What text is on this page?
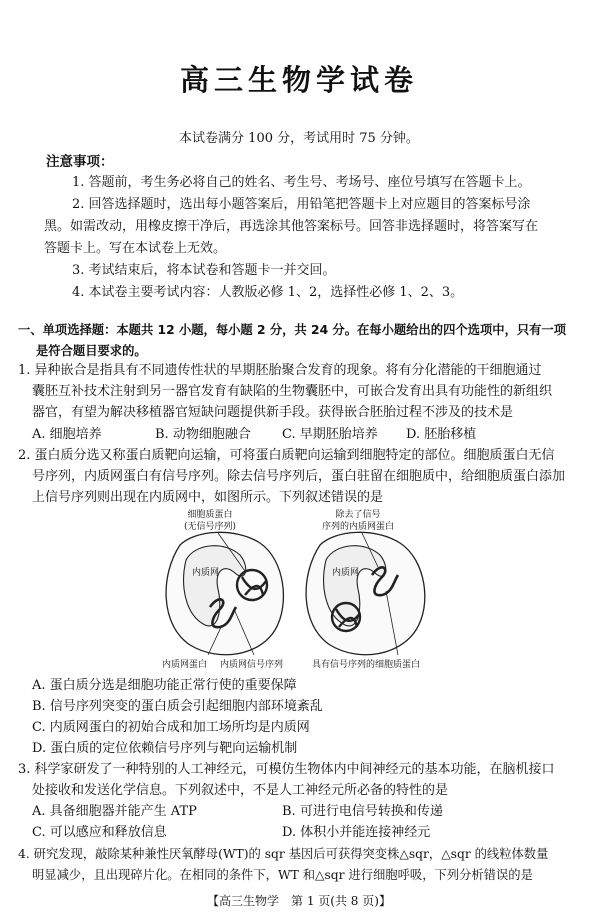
高三生物学试卷
本试卷满分 100 分，考试用时 75 分钟。
注意事项：
1. 答题前，考生务必将自己的姓名、考生号、考场号、座位号填写在答题卡上。
2. 回答选择题时，选出每小题答案后，用铅笔把答题卡上对应题目的答案标号涂
黑。如需改动，用橡皮擦干净后，再选涂其他答案标号。回答非选择题时，将答案写在
答题卡上。写在本试卷上无效。
3. 考试结束后，将本试卷和答题卡一并交回。
4. 本试卷主要考试内容：人教版必修 1、2，选择性必修 1、2、3。
一、单项选择题：本题共 12 小题，每小题 2 分，共 24 分。在每小题给出的四个选项中，只有一项
是符合题目要求的。
1. 异种嵌合是指具有不同遗传性状的早期胚胎聚合发育的现象。将有分化潜能的干细胞通过
囊胚互补技术注射到另一器官发育有缺陷的生物囊胚中，可嵌合发育出具有功能性的新组织
器官，有望为解决移植器官短缺问题提供新手段。获得嵌合胚胎过程不涉及的技术是
A. 细胞培养	B. 动物细胞融合 C. 早期胚胎培养 D. 胚胎移植
2. 蛋白质分选又称蛋白质靶向运输，可将蛋白质靶向运输到细胞特定的部位。细胞质蛋白无信
号序列，内质网蛋白有信号序列。除去信号序列后，蛋白驻留在细胞质中，给细胞质蛋白添加
上信号序列则出现在内质网中，如图所示。下列叙述错误的是
细胞质蛋白
(无信号序列)
除去了信号
序列的内质网蛋白
内质网	内质网
内质网蛋白 内质网信号序列	具有信号序列的细胞质蛋白
A. 蛋白质分选是细胞功能正常行使的重要保障
B. 信号序列突变的蛋白质会引起细胞内部环境紊乱
C. 内质网蛋白的初始合成和加工场所均是内质网
D. 蛋白质的定位依赖信号序列与靶向运输机制
3. 科学家研发了一种特别的人工神经元，可模仿生物体内中间神经元的基本功能，在脑机接口
处接收和发送化学信息。下列叙述中，不是人工神经元所必备的特性的是
A. 具备细胞器并能产生 ATP	B. 可进行电信号转换和传递
C. 可以感应和释放信息	D. 体积小并能连接神经元
4. 研究发现，敲除某种兼性厌氧酵母(WT)的 sqr 基因后可获得突变株△sqr，△sqr 的线粒体数量
明显减少，且出现碎片化。在相同的条件下，WT 和△sqr 进行细胞呼吸，下列分析错误的是
【高三生物学　第 1 页(共 8 页)】
